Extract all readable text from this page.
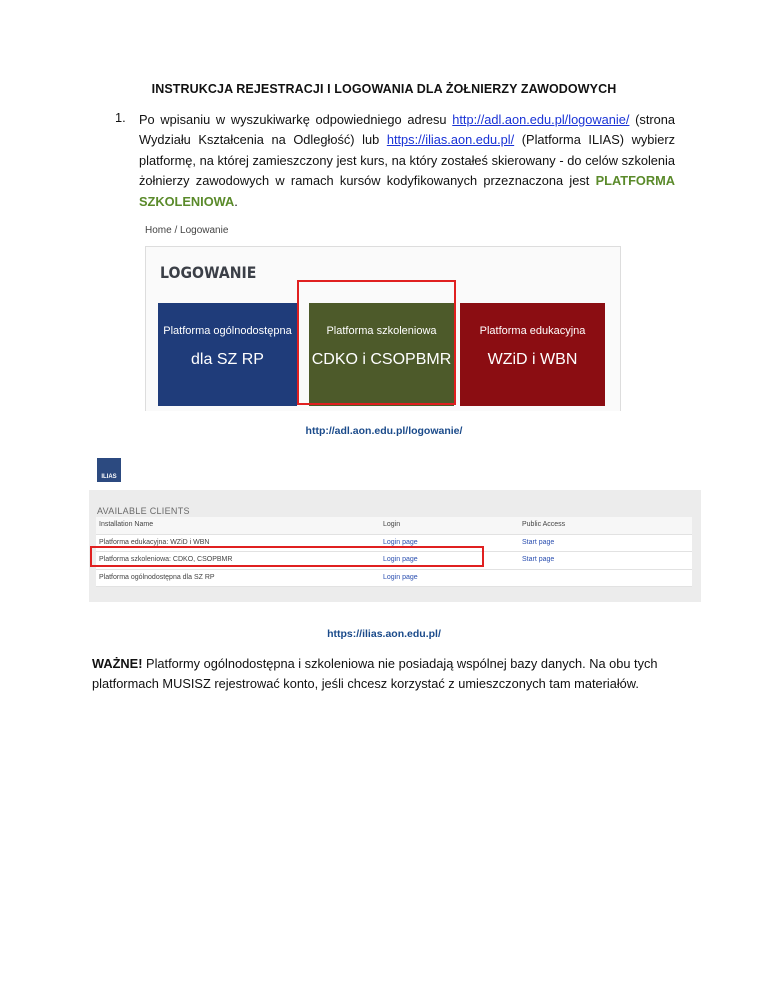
INSTRUKCJA REJESTRACJI I LOGOWANIA DLA ŻOŁNIERZY ZAWODOWYCH
1. Po wpisaniu w wyszukiwarkę odpowiedniego adresu http://adl.aon.edu.pl/logowanie/ (strona Wydziału Kształcenia na Odległość) lub https://ilias.aon.edu.pl/ (Platforma ILIAS) wybierz platformę, na której zamieszczony jest kurs, na który zostałeś skierowany - do celów szkolenia żołnierzy zawodowych w ramach kursów kodyfikowanych przeznaczona jest PLATFORMA SZKOLENIOWA.
Home / Logowanie
LOGOWANIE
Platforma ogólnodostępna
dla SZ RP
Platforma szkoleniowa
CDKO i CSOPBMR
Platforma edukacyjna
WZiD i WBN
http://adl.aon.edu.pl/logowanie/
ILIAS
AVAILABLE CLIENTS
Installation Name	Login	Public Access
Platforma edukacyjna: WZiD i WBN	Login page	Start page
Platforma szkoleniowa: CDKO, CSOPBMR	Login page	Start page
Platforma ogólnodostępna dla SZ RP	Login page
https://ilias.aon.edu.pl/
WAŻNE! Platformy ogólnodostępna i szkoleniowa nie posiadają wspólnej bazy danych. Na obu tych platformach MUSISZ rejestrować konto, jeśli chcesz korzystać z umieszczonych tam materiałów.
